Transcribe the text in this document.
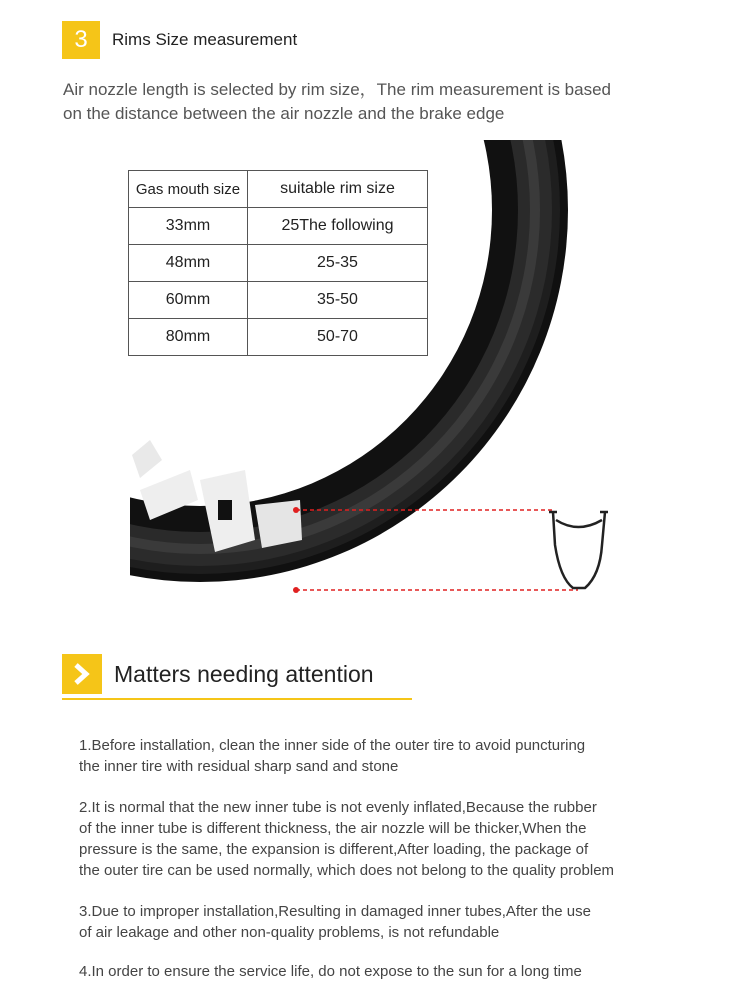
3	Rims Size measurement
Air nozzle length is selected by rim size，The rim measurement is based
on the distance between the air nozzle and the brake edge
Gas mouth size	suitable rim size
33mm	25The following
48mm	25-35
60mm	35-50
80mm	50-70
Matters needing attention
1.Before installation, clean the inner side of the outer tire to avoid puncturing
the inner tire with residual sharp sand and stone
2.It is normal that the new inner tube is not evenly inflated,Because the rubber
of the inner tube is different thickness, the air nozzle will be thicker,When the
pressure is the same, the expansion is different,After loading, the package of
the outer tire can be used normally, which does not belong to the quality problem
3.Due to improper installation,Resulting in damaged inner tubes,After the use
of air leakage and other non-quality problems, is not refundable
4.In order to ensure the service life, do not expose to the sun for a long time
